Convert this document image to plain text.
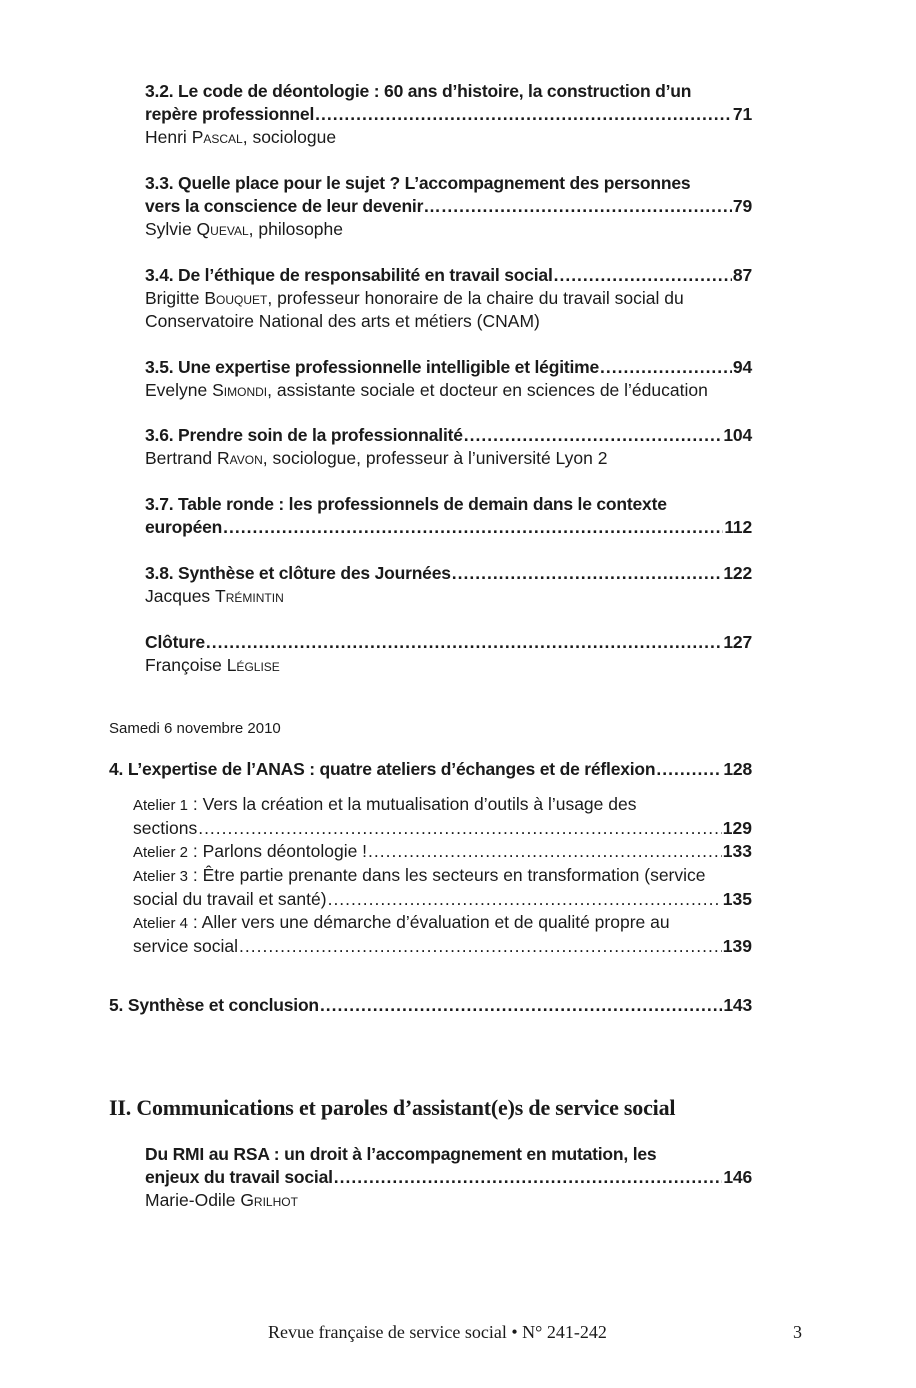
3.2. Le code de déontologie : 60 ans d’histoire, la construction d’un
repère professionnel .....	71
Henri Pascal, sociologue
3.3. Quelle place pour le sujet ? L’accompagnement des personnes
vers la conscience de leur devenir… .....	79
Sylvie Queval, philosophe
3.4. De l’éthique de responsabilité en travail social .....	87
Brigitte Bouquet, professeur honoraire de la chaire du travail social du
Conservatoire National des arts et métiers (CNAM)
3.5. Une expertise professionnelle intelligible et légitime .....	94
Evelyne Simondi, assistante sociale et docteur en sciences de l’éducation
3.6. Prendre soin de la professionnalité .....	104
Bertrand Ravon, sociologue, professeur à l’université Lyon 2
3.7. Table ronde : les professionnels de demain dans le contexte
européen .....	112
3.8. Synthèse et clôture des Journées .....	122
Jacques Trémintin
Clôture .....	127
Françoise Léglise
Samedi 6 novembre 2010
4. L’expertise de l’ANAS : quatre ateliers d’échanges et de réflexion .....	128
Atelier 1 : Vers la création et la mutualisation d’outils à l’usage des
sections .....	129
Atelier 2 : Parlons déontologie ! .....	133
Atelier 3 : Être partie prenante dans les secteurs en transformation (service
social du travail et santé) .....	135
Atelier 4 : Aller vers une démarche d’évaluation et de qualité propre au
service social .....	139
5. Synthèse et conclusion .....	143
II. Communications et paroles d’assistant(e)s de service social
Du RMI au RSA : un droit à l’accompagnement en mutation, les
enjeux du travail social .....	146
Marie-Odile Grilhot
Revue française de service social • N° 241-242	3
